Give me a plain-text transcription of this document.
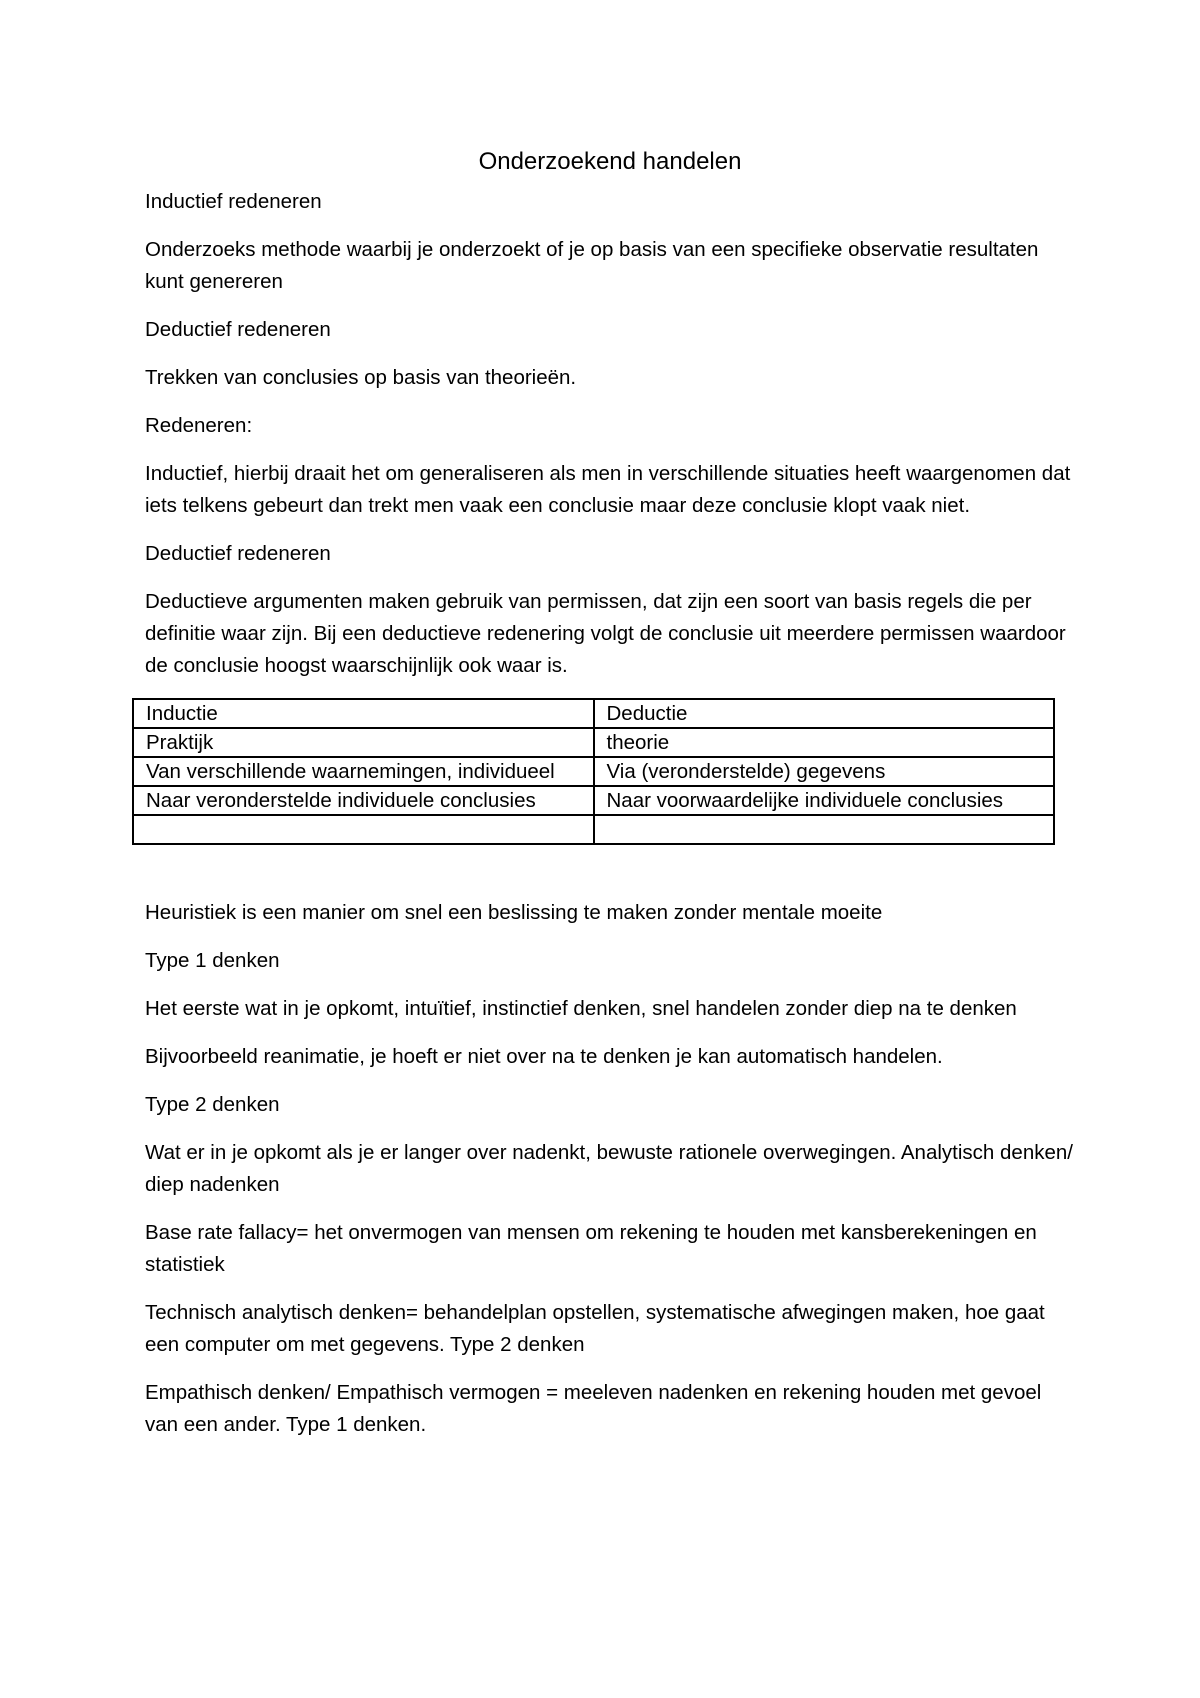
Onderzoekend handelen

Inductief redeneren

Onderzoeks methode waarbij je onderzoekt of je op basis van een specifieke observatie resultaten kunt genereren

Deductief redeneren

Trekken van conclusies op basis van theorieën.

Redeneren:

Inductief, hierbij draait het om generaliseren als men in verschillende situaties heeft waargenomen dat iets telkens gebeurt dan trekt men vaak een conclusie maar deze conclusie klopt vaak niet.

Deductief redeneren

Deductieve argumenten maken gebruik van permissen, dat zijn een soort van basis regels die per definitie waar zijn. Bij een deductieve redenering volgt de conclusie uit meerdere permissen waardoor de conclusie hoogst waarschijnlijk ook waar is.

Inductie	Deductie
Praktijk	theorie
Van verschillende waarnemingen, individueel	Via (veronderstelde) gegevens
Naar veronderstelde individuele conclusies	Naar voorwaardelijke individuele conclusies

Heuristiek is een manier om snel een beslissing te maken zonder mentale moeite

Type 1 denken

Het eerste wat in je opkomt, intuïtief, instinctief denken, snel handelen zonder diep na te denken

Bijvoorbeeld reanimatie, je hoeft er niet over na te denken je kan automatisch handelen.

Type 2 denken

Wat er in je opkomt als je er langer over nadenkt, bewuste rationele overwegingen. Analytisch denken/ diep nadenken

Base rate fallacy= het onvermogen van mensen om rekening te houden met kansberekeningen en statistiek

Technisch analytisch denken= behandelplan opstellen, systematische afwegingen maken, hoe gaat een computer om met gegevens. Type 2 denken

Empathisch denken/ Empathisch vermogen = meeleven nadenken en rekening houden met gevoel van een ander. Type 1 denken.
